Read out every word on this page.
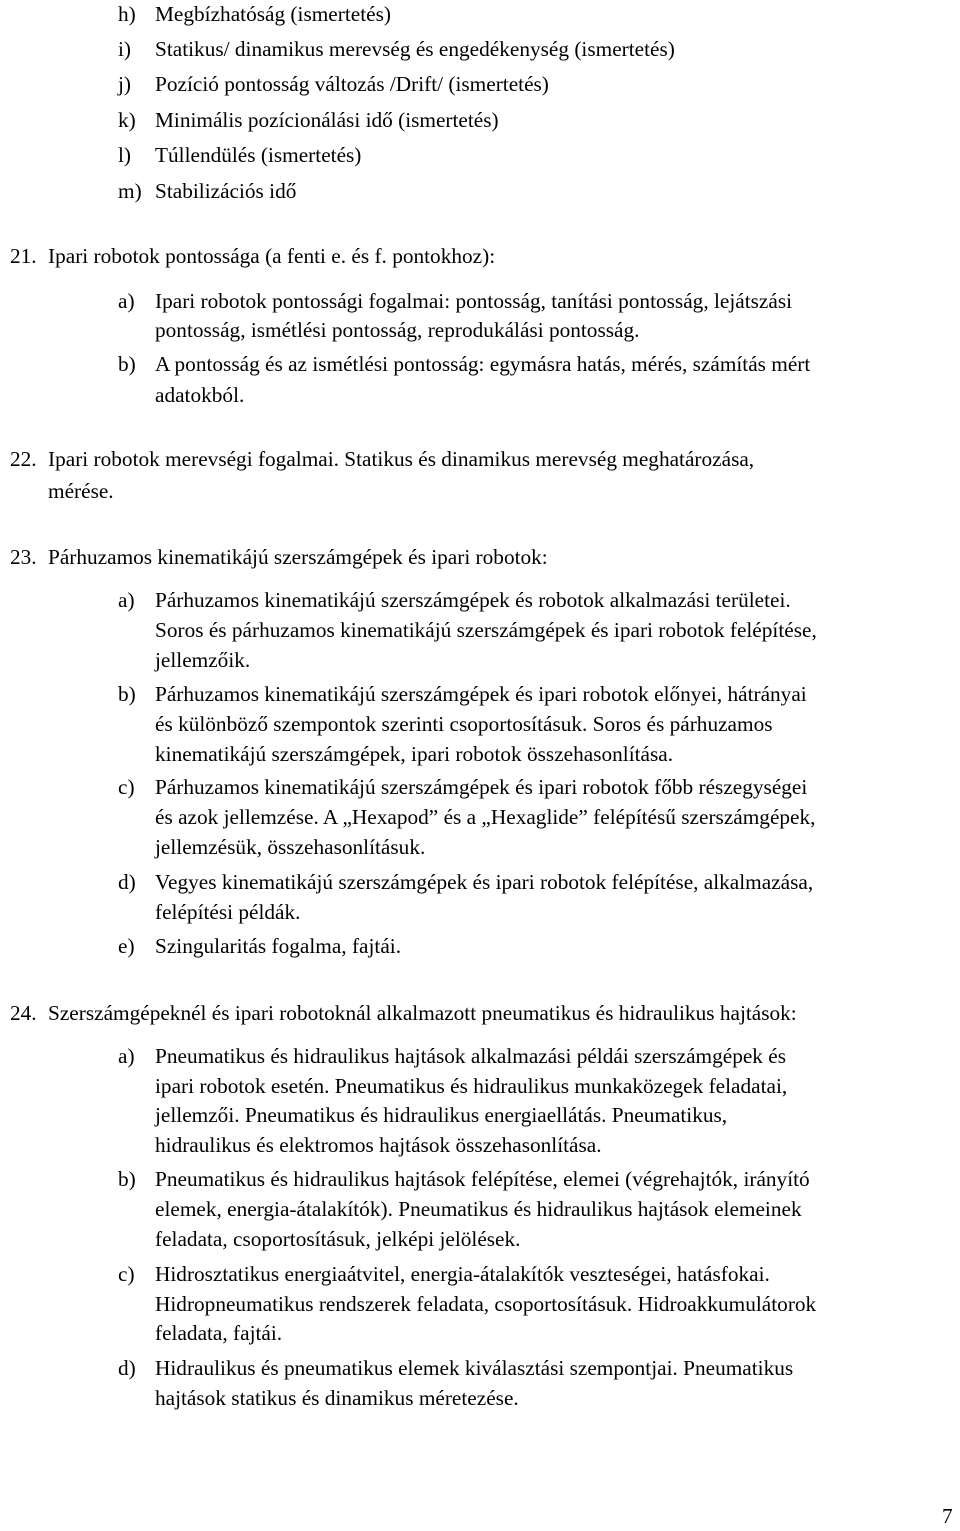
h) Megbízhatóság (ismertetés)
i) Statikus/ dinamikus merevség és engedékenység (ismertetés)
j) Pozíció pontosság változás /Drift/ (ismertetés)
k) Minimális pozícionálási idő (ismertetés)
l) Túllendülés (ismertetés)
m) Stabilizációs idő
21. Ipari robotok pontossága (a fenti e. és f. pontokhoz):
a) Ipari robotok pontossági fogalmai: pontosság, tanítási pontosság, lejátszási
pontosság, ismétlési pontosság, reprodukálási pontosság.
b) A pontosság és az ismétlési pontosság: egymásra hatás, mérés, számítás mért
adatokból.
22. Ipari robotok merevségi fogalmai. Statikus és dinamikus merevség meghatározása,
mérése.
23. Párhuzamos kinematikájú szerszámgépek és ipari robotok:
a) Párhuzamos kinematikájú szerszámgépek és robotok alkalmazási területei.
Soros és párhuzamos kinematikájú szerszámgépek és ipari robotok felépítése,
jellemzőik.
b) Párhuzamos kinematikájú szerszámgépek és ipari robotok előnyei, hátrányai
és különböző szempontok szerinti csoportosításuk. Soros és párhuzamos
kinematikájú szerszámgépek, ipari robotok összehasonlítása.
c) Párhuzamos kinematikájú szerszámgépek és ipari robotok főbb részegységei
és azok jellemzése. A „Hexapod” és a „Hexaglide” felépítésű szerszámgépek,
jellemzésük, összehasonlításuk.
d) Vegyes kinematikájú szerszámgépek és ipari robotok felépítése, alkalmazása,
felépítési példák.
e) Szingularitás fogalma, fajtái.
24. Szerszámgépeknél és ipari robotoknál alkalmazott pneumatikus és hidraulikus hajtások:
a) Pneumatikus és hidraulikus hajtások alkalmazási példái szerszámgépek és
ipari robotok esetén. Pneumatikus és hidraulikus munkaközegek feladatai,
jellemzői. Pneumatikus és hidraulikus energiaellátás. Pneumatikus,
hidraulikus és elektromos hajtások összehasonlítása.
b) Pneumatikus és hidraulikus hajtások felépítése, elemei (végrehajtók, irányító
elemek, energia-átalakítók). Pneumatikus és hidraulikus hajtások elemeinek
feladata, csoportosításuk, jelképi jelölések.
c) Hidrosztatikus energiaátvitel, energia-átalakítók veszteségei, hatásfokai.
Hidropneumatikus rendszerek feladata, csoportosításuk. Hidroakkumulátorok
feladata, fajtái.
d) Hidraulikus és pneumatikus elemek kiválasztási szempontjai. Pneumatikus
hajtások statikus és dinamikus méretezése.
7
